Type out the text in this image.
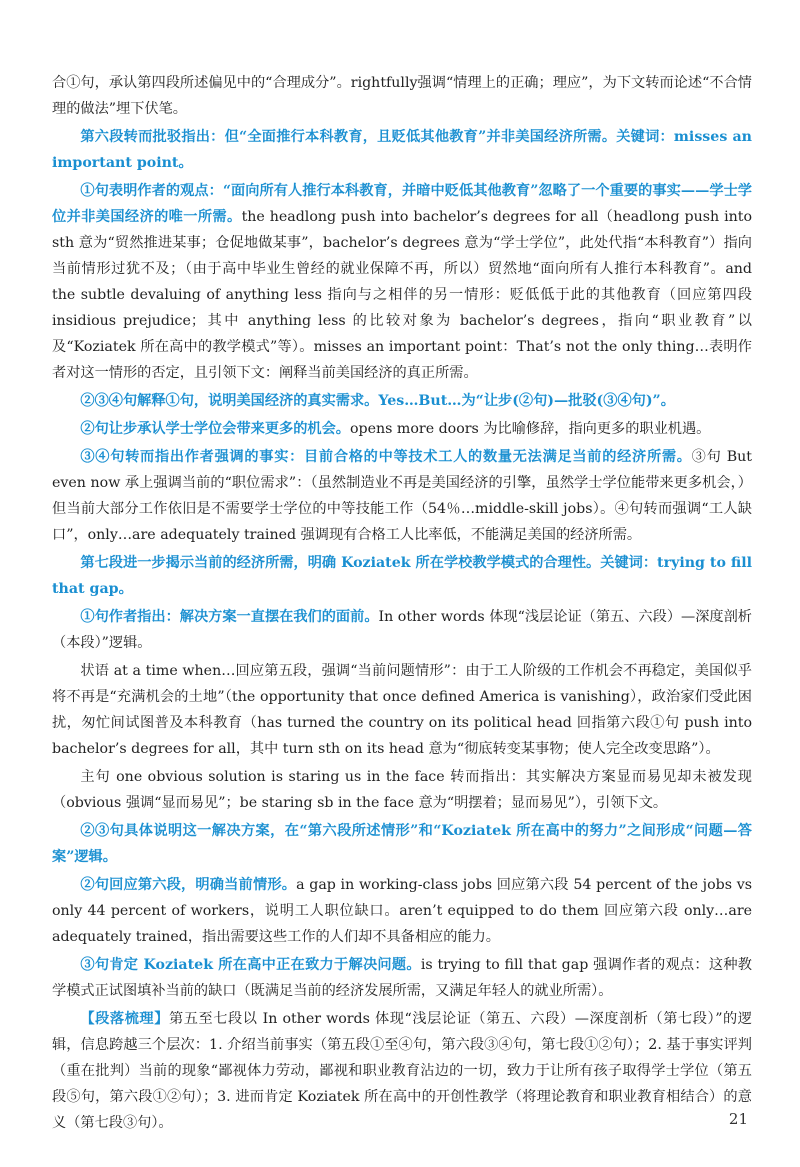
合①句，承认第四段所述偏见中的“合理成分”。rightfully强调“情理上的正确；理应”，为下文转而论述“不合情理的做法”埋下伏笔。

第六段转而批驳指出：但“全面推行本科教育，且贬低其他教育”并非美国经济所需。关键词：misses an important point。

①句表明作者的观点：“面向所有人推行本科教育，并暗中贬低其他教育”忽略了一个重要的事实——学士学位并非美国经济的唯一所需。the headlong push into bachelor’s degrees for all（headlong push into sth 意为“贸然推进某事；仓促地做某事”，bachelor’s degrees 意为“学士学位”，此处代指“本科教育”）指向当前情形过犹不及；（由于高中毕业生曾经的就业保障不再，所以）贸然地“面向所有人推行本科教育”。and the subtle devaluing of anything less 指向与之相伴的另一情形：贬低低于此的其他教育（回应第四段 insidious prejudice；其中 anything less 的比较对象为 bachelor’s degrees，指向“职业教育”以及“Koziatek 所在高中的教学模式”等）。misses an important point：That’s not the only thing…表明作者对这一情形的否定，且引领下文：阐释当前美国经济的真正所需。

②③④句解释①句，说明美国经济的真实需求。Yes…But…为“让步(②句)—批驳(③④句)”。

②句让步承认学士学位会带来更多的机会。opens more doors 为比喻修辞，指向更多的职业机遇。

③④句转而指出作者强调的事实：目前合格的中等技术工人的数量无法满足当前的经济所需。③句 But even now 承上强调当前的“职位需求”：（虽然制造业不再是美国经济的引擎，虽然学士学位能带来更多机会，）但当前大部分工作依旧是不需要学士学位的中等技能工作（54％…middle-skill jobs）。④句转而强调“工人缺口”，only…are adequately trained 强调现有合格工人比率低，不能满足美国的经济所需。

第七段进一步揭示当前的经济所需，明确 Koziatek 所在学校教学模式的合理性。关键词：trying to fill that gap。

①句作者指出：解决方案一直摆在我们的面前。In other words 体现“浅层论证（第五、六段）—深度剖析（本段）”逻辑。

状语 at a time when…回应第五段，强调“当前问题情形”：由于工人阶级的工作机会不再稳定，美国似乎将不再是“充满机会的土地”（the opportunity that once defined America is vanishing），政治家们受此困扰，匆忙间试图普及本科教育（has turned the country on its political head 回指第六段①句 push into bachelor’s degrees for all，其中 turn sth on its head 意为“彻底转变某事物；使人完全改变思路”）。

主句 one obvious solution is staring us in the face 转而指出：其实解决方案显而易见却未被发现（obvious 强调“显而易见”；be staring sb in the face 意为“明摆着；显而易见”），引领下文。

②③句具体说明这一解决方案，在“第六段所述情形”和“Koziatek 所在高中的努力”之间形成“问题—答案”逻辑。

②句回应第六段，明确当前情形。a gap in working-class jobs 回应第六段 54 percent of the jobs vs only 44 percent of workers，说明工人职位缺口。aren’t equipped to do them 回应第六段 only…are adequately trained，指出需要这些工作的人们却不具备相应的能力。

③句肯定 Koziatek 所在高中正在致力于解决问题。is trying to fill that gap 强调作者的观点：这种教学模式正试图填补当前的缺口（既满足当前的经济发展所需，又满足年轻人的就业所需）。

【段落梳理】第五至七段以 In other words 体现“浅层论证（第五、六段）—深度剖析（第七段）”的逻辑，信息跨越三个层次：1. 介绍当前事实（第五段①至④句，第六段③④句，第七段①②句）；2. 基于事实评判（重在批判）当前的现象“鄙视体力劳动，鄙视和职业教育沾边的一切，致力于让所有孩子取得学士学位（第五段⑤句，第六段①②句）；3. 进而肯定 Koziatek 所在高中的开创性教学（将理论教育和职业教育相结合）的意义（第七段③句）。	21
